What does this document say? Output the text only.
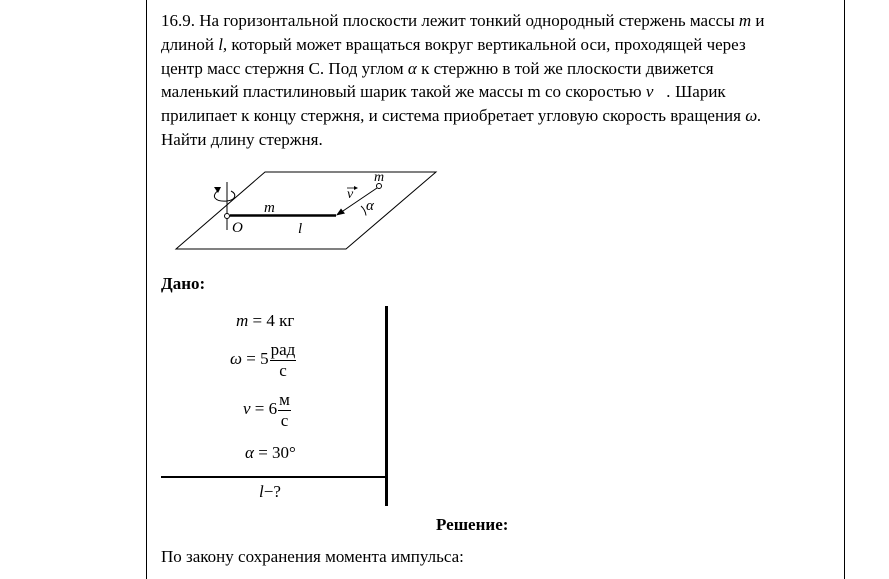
16.9. На горизонтальной плоскости лежит тонкий однородный стержень массы m и длиной l, который может вращаться вокруг вертикальной оси, проходящей через центр масс стержня С. Под углом α к стержню в той же плоскости движется маленький пластилиновый шарик такой же массы m со скоростью v⃗. Шарик прилипает к концу стержня, и система приобретает угловую скорость вращения ω. Найти длину стержня.

m
l
O
m
v
α
Дано:
m = 4 кг
$\omega = 5 \frac{\text{рад}}{с}$
$v = 6 \frac{м}{с}$
α = 30°
l−?
Решение:
По закону сохранения момента импульса:
